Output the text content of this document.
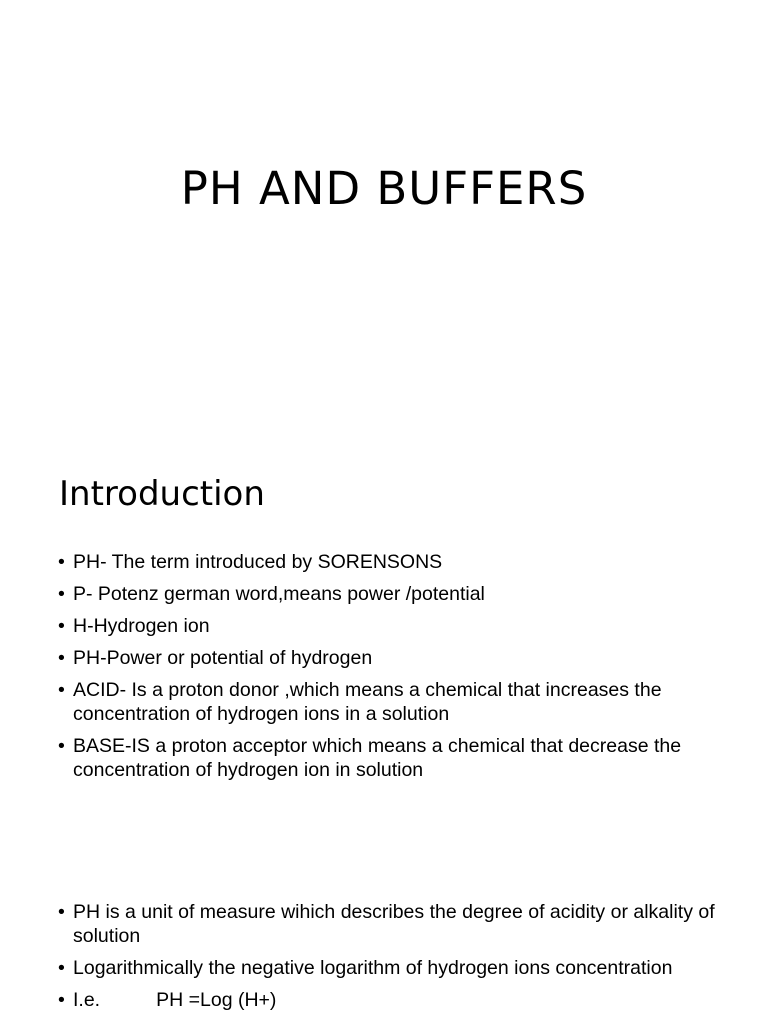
PH AND BUFFERS
Introduction
• PH- The term introduced by SORENSONS
• P- Potenz german word,means power /potential
• H-Hydrogen ion
• PH-Power or potential of hydrogen
• ACID- Is a proton donor ,which means a chemical that increases the concentration of hydrogen ions in a solution
• BASE-IS a proton acceptor which means a chemical that decrease the concentration of hydrogen ion in solution
• PH is a unit of measure wihich describes the degree of acidity or alkality of solution
• Logarithmically the negative logarithm of hydrogen ions concentration
• I.e.	PH =Log (H+)
